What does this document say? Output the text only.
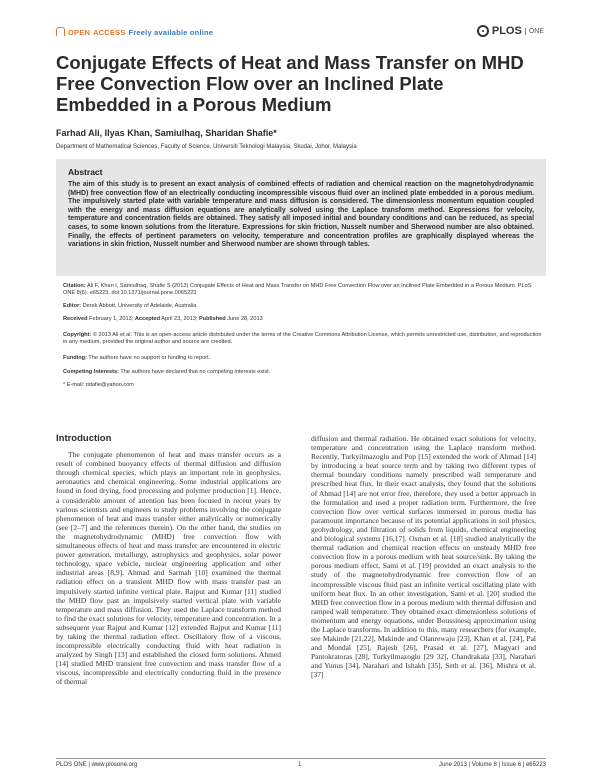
OPEN ACCESS Freely available online	PLOS	ONE
Conjugate Effects of Heat and Mass Transfer on MHD Free Convection Flow over an Inclined Plate Embedded in a Porous Medium
Farhad Ali, Ilyas Khan, Samiulhaq, Sharidan Shafie*
Department of Mathematical Sciences, Faculty of Science, Universiti Teknologi Malaysia, Skudai, Johor, Malaysia
Abstract

The aim of this study is to present an exact analysis of combined effects of radiation and chemical reaction on the magnetohydrodynamic (MHD) free convection flow of an electrically conducting incompressible viscous fluid over an inclined plate embedded in a porous medium. The impulsively started plate with variable temperature and mass diffusion is considered. The dimensionless momentum equation coupled with the energy and mass diffusion equations are analytically solved using the Laplace transform method. Expressions for velocity, temperature and concentration fields are obtained. They satisfy all imposed initial and boundary conditions and can be reduced, as special cases, to some known solutions from the literature. Expressions for skin friction, Nusselt number and Sherwood number are also obtained. Finally, the effects of pertinent parameters on velocity, temperature and concentration profiles are graphically displayed whereas the variations in skin friction, Nusselt number and Sherwood number are shown through tables.

Citation: Ali F, Khan I, Samiulhaq, Shafie S (2013) Conjugate Effects of Heat and Mass Transfer on MHD Free Convection Flow over an Inclined Plate Embedded in a Porous Medium. PLoS ONE 8(6): e65223. doi:10.1371/journal.pone.0065223

Editor: Derek Abbott, University of Adelaide, Australia

Received February 1, 2013; Accepted April 23, 2013; Published June 28, 2013

Copyright: © 2013 Ali et al. This is an open-access article distributed under the terms of the Creative Commons Attribution License, which permits unrestricted use, distribution, and reproduction in any medium, provided the original author and source are credited.

Funding: The authors have no support or funding to report.

Competing Interests: The authors have declared that no competing interests exist.

* E-mail: ridafie@yahoo.com

Introduction

The conjugate phenomenon of heat and mass transfer occurs as a result of combined buoyancy effects of thermal diffusion and diffusion through chemical species, which plays an important role in geophysics, aeronautics and chemical engineering. Some industrial applications are found in food drying, food processing and polymer production [1]. Hence, a considerable amount of attention has been focused in recent years by various scientists and engineers to study problems involving the conjugate phenomenon of heat and mass transfer either analytically or numerically (see [2–7] and the references therein). On the other hand, the studies on the magnetohydrodynamic (MHD) free convection flow with simultaneous effects of heat and mass transfer are encountered in electric power generation, metallurgy, astrophysics and geophysics, solar power technology, space vehicle, nuclear engineering application and other industrial areas [8,9]. Ahmad and Sarmah [10] examined the thermal radiation effect on a transient MHD flow with mass transfer past an impulsively started infinite vertical plate. Rajput and Kumar [11] studied the MHD flow past an impulsively started vertical plate with variable temperature and mass diffusion. They used the Laplace transform method to find the exact solutions for velocity, temperature and concentration. In a subsequent year Rajput and Kumar [12] extended Rajput and Kumar [11] by taking the thermal radiation effect. Oscillatory flow of a viscous, incompressible electrically conducting fluid with heat radiation is analyzed by Singh [13] and established the closed form solutions. Ahmed [14] studied MHD transient free convection and mass transfer flow of a viscous, incompressible and electrically conducting fluid in the presence of thermal

diffusion and thermal radiation. He obtained exact solutions for velocity, temperature and concentration using the Laplace transform method. Recently, Turkyilmazoglu and Pop [15] extended the work of Ahmad [14] by introducing a heat source term and by taking two different types of thermal boundary conditions namely prescribed wall temperature and prescribed heat flux. In their exact analysis, they found that the solutions of Ahmad [14] are not error free, therefore, they used a better approach in the formulation and used a proper radiation term. Furthermore, the free convection flow over vertical surfaces immersed in porous media has paramount importance because of its potential applications in soil physics, geohydrology, and filtration of solids from liquids, chemical engineering and biological systems [16,17]. Osman et al. [18] studied analytically the thermal radiation and chemical reaction effects on unsteady MHD free convection flow in a porous medium with heat source/sink. By taking the porous medium effect, Sami et al. [19] provided an exact analysis to the study of the magnetohydrodynamic free convection flow of an incompressible viscous fluid past an infinite vertical oscillating plate with uniform heat flux. In an other investigation, Sami et al. [20] studied the MHD free convection flow in a porous medium with thermal diffusion and ramped wall temperature. They obtained exact dimensionless solutions of momentum and energy equations, under Boussinesq approximation using the Laplace transforms. In addition to this, many researchers (for example, see Makinde [21,22], Makinde and Olanrewaju [23], Khan et al. [24], Pal and Mondal [25], Rajesh [26], Prasad et al. [27], Magyari and Pantokratoras [28], Turkyilmazoglu [29 32], Chandrakala [33], Narahari and Yunus [34], Narahari and Ishakh [35], Seth et al. [36], Mishra et al. [37]

PLOS ONE | www.plosone.org	1	June 2013 | Volume 8 | Issue 6 | e65223
